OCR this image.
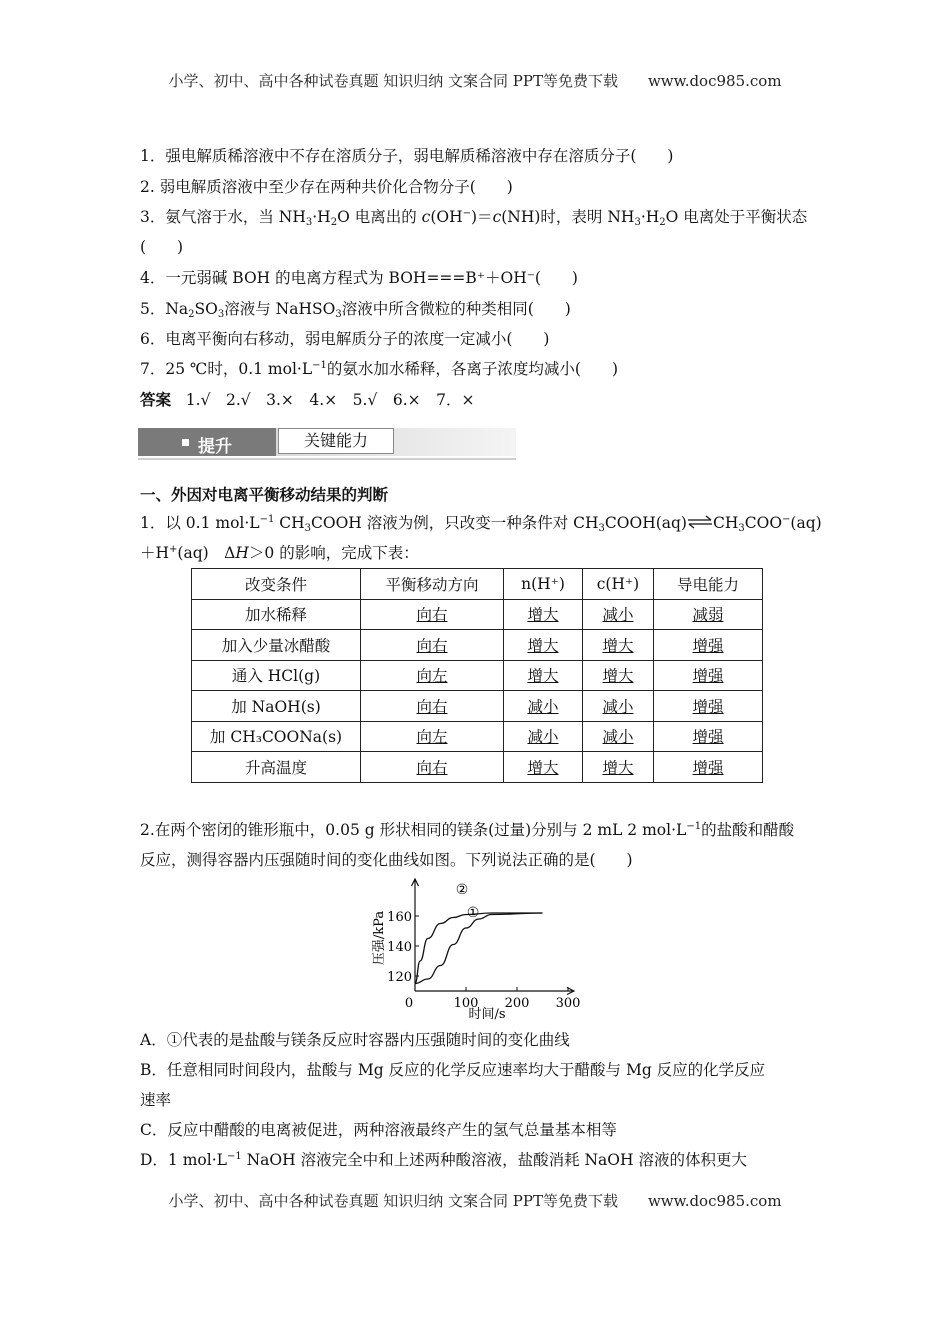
小学、初中、高中各种试卷真题 知识归纳 文案合同 PPT等免费下载 www.doc985.com
1．强电解质稀溶液中不存在溶质分子，弱电解质稀溶液中存在溶质分子(　　)
2. 弱电解质溶液中至少存在两种共价化合物分子(　　)
3．氨气溶于水，当 $NH_3\cdot H_2O$ 电离出的 c(OH−)＝c(NH)时，表明 $NH_3\cdot H_2O$ 电离处于平衡状态
(　　)
4．一元弱碱 BOH 的电离方程式为 BOH===B⁺＋OH⁻(　　)
5．$Na_2SO_3$溶液与 NaHSO$_3$溶液中所含微粒的种类相同(　　)
6．电离平衡向右移动，弱电解质分子的浓度一定减小(　　)
7．25 ℃时，0.1 $mol\cdot L^{-1}$的氨水加水稀释，各离子浓度均减小(　　)
答案 1.√　2.√　3.×　4.×　5.√　6.×　7．×
提升	关键能力
一、外因对电离平衡移动结果的判断
1．以 0.1 $mol\cdot L^{-1}$ $CH_3COOH$ 溶液为例，只改变一种条件对 $CH_3COOH(aq)\rightleftharpoons CH_3COO^-(aq)$
＋H+(aq)　ΔH＞0 的影响，完成下表：
改变条件	平衡移动方向	n(H⁺)	c(H⁺)	导电能力
加水稀释	向右	增大	减小	减弱
加入少量冰醋酸	向右	增大	增大	增强
通入 HCl(g)	向左	增大	增大	增强
加 NaOH(s)	向右	减小	减小	增强
加 CH₃COONa(s)	向左	减小	减小	增强
升高温度	向右	增大	增大	增强
2.在两个密闭的锥形瓶中，0.05 g 形状相同的镁条(过量)分别与 2 mL 2 $mol\cdot L^{-1}$的盐酸和醋酸
反应，测得容器内压强随时间的变化曲线如图。下列说法正确的是(　　)
0	100 200 300
120
140
160
压强/kPa
时间/s
②
①
A．①代表的是盐酸与镁条反应时容器内压强随时间的变化曲线
B．任意相同时间段内，盐酸与 Mg 反应的化学反应速率均大于醋酸与 Mg 反应的化学反应
速率
C．反应中醋酸的电离被促进，两种溶液最终产生的氢气总量基本相等
D．1 $mol\cdot L^{-1}$ NaOH 溶液完全中和上述两种酸溶液，盐酸消耗 NaOH 溶液的体积更大
小学、初中、高中各种试卷真题 知识归纳 文案合同 PPT等免费下载 www.doc985.com
